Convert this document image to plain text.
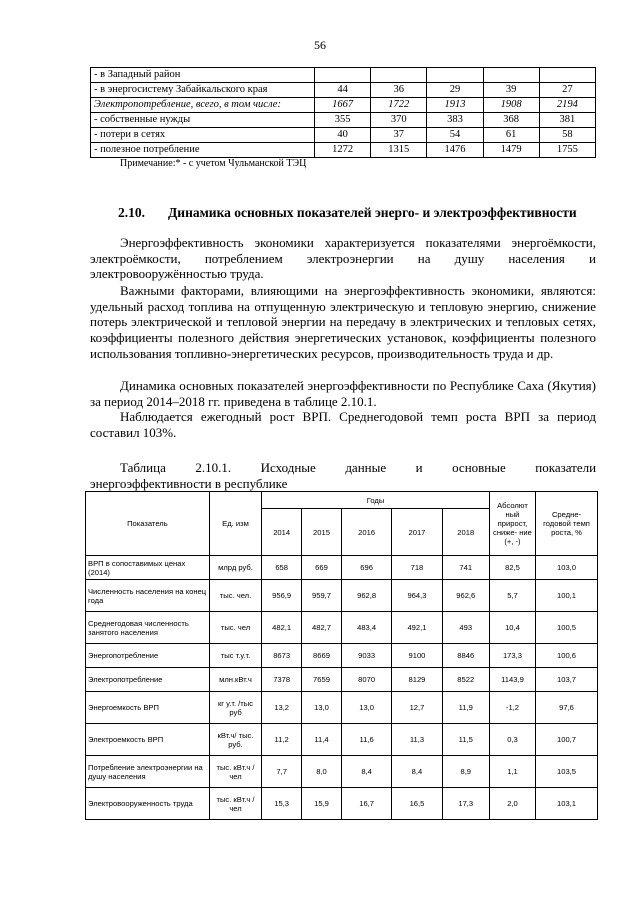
56
- в Западный район					
- в энергосистему Забайкальского края	44	36	29	39	27
Электропотребление, всего, в том числе:	1667	1722	1913	1908	2194
- собственные нужды	355	370	383	368	381
- потери в сетях	40	37	54	61	58
- полезное потребление	1272	1315	1476	1479	1755
Примечание:* - с учетом Чульманской ТЭЦ
2.10. Динамика основных показателей энерго- и электроэффективности

Энергоэффективность экономики характеризуется показателями энергоёмкости, электроёмкости, потреблением электроэнергии на душу населения и электровооружённостью труда.

Важными факторами, влияющими на энергоэффективность экономики, являются: удельный расход топлива на отпущенную электрическую и тепловую энергию, снижение потерь электрической и тепловой энергии на передачу в электрических и тепловых сетях, коэффициенты полезного действия энергетических установок, коэффициенты полезного использования топливно-энергетических ресурсов, производительность труда и др.

Динамика основных показателей энергоэффективности по Республике Саха (Якутия) за период 2014–2018 гг. приведена в таблице 2.10.1.

Наблюдается ежегодный рост ВРП. Среднегодовой темп роста ВРП за период составил 103%.

Таблица 2.10.1. Исходные данные и основные показатели
энергоэффективности в республике
Показатель	Ед. изм	Годы					Абсолют ный прирост, сниже- ние (+, -)	Средне- годовой темп роста, %
		2014	2015	2016	2017	2018		
ВРП в сопоставимых ценах (2014)	млрд руб.	658	669	696	718	741	82,5	103,0
Численность населения на конец года	тыс. чел.	956,9	959,7	962,8	964,3	962,6	5,7	100,1
Среднегодовая численность занятого населения	тыс. чел	482,1	482,7	483,4	492,1	493	10,4	100,5
Энергопотребление	тыс т.у.т.	8673	8669	9033	9100	8846	173,3	100,6
Электропотребление	млн.кВт.ч	7378	7659	8070	8129	8522	1143,9	103,7
Энергоемкость ВРП	кг у.т. /тыс руб	13,2	13,0	13,0	12,7	11,9	-1,2	97,6
Электроемкость ВРП	кВт.ч/ тыс. руб.	11,2	11,4	11,6	11,3	11,5	0,3	100,7
Потребление электроэнергии на душу населения	тыс. кВт.ч /чел	7,7	8,0	8,4	8,4	8,9	1,1	103,5
Электровооруженность труда	тыс. кВт.ч / чел	15,3	15,9	16,7	16,5	17,3	2,0	103,1
